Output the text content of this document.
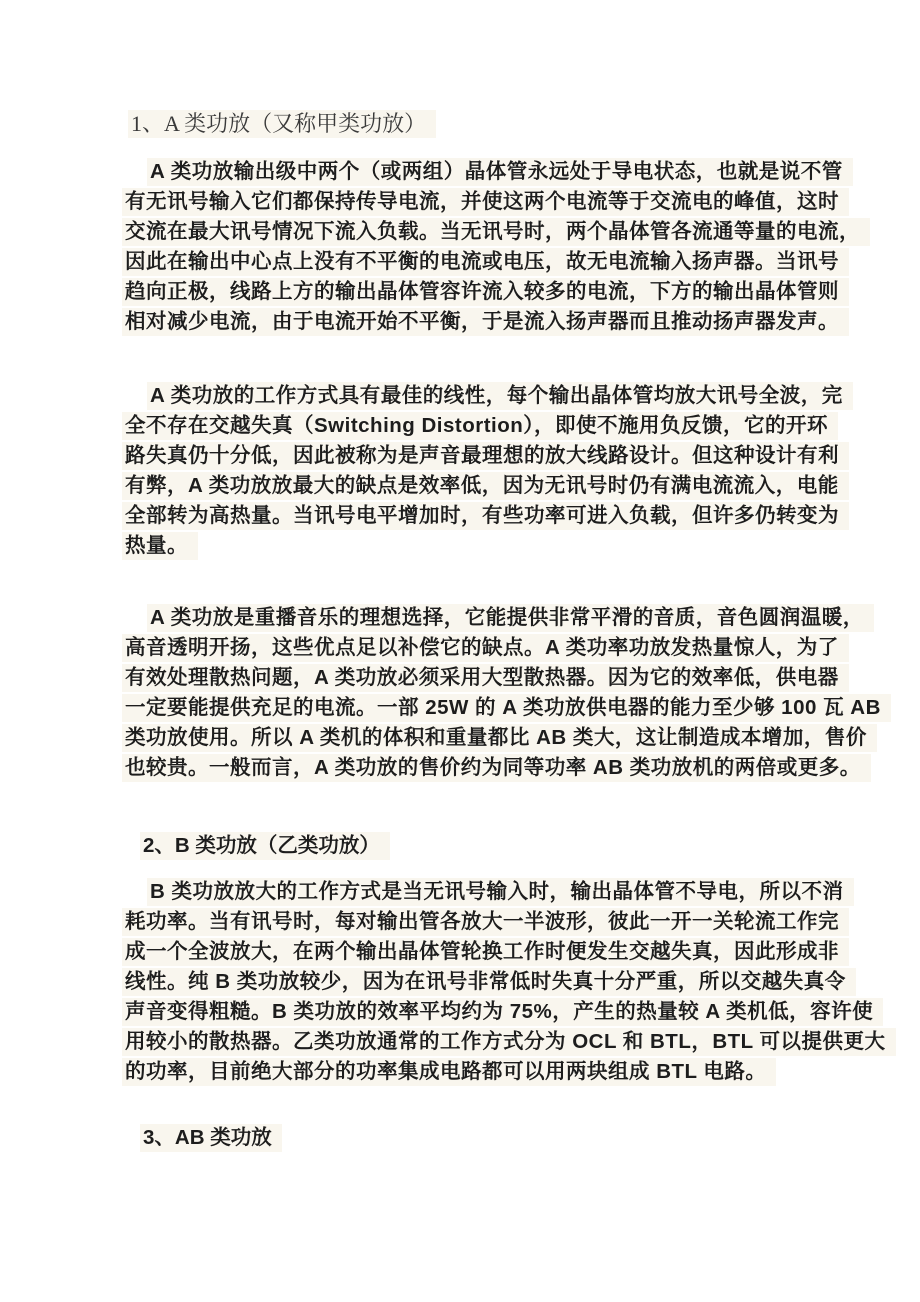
1、A 类功放（又称甲类功放）
A 类功放输出级中两个（或两组）晶体管永远处于导电状态，也就是说不管
有无讯号输入它们都保持传导电流，并使这两个电流等于交流电的峰值，这时
交流在最大讯号情况下流入负载。当无讯号时，两个晶体管各流通等量的电流，
因此在输出中心点上没有不平衡的电流或电压，故无电流输入扬声器。当讯号
趋向正极，线路上方的输出晶体管容许流入较多的电流，下方的输出晶体管则
相对减少电流，由于电流开始不平衡，于是流入扬声器而且推动扬声器发声。
A 类功放的工作方式具有最佳的线性，每个输出晶体管均放大讯号全波，完
全不存在交越失真（Switching Distortion），即使不施用负反馈，它的开环
路失真仍十分低，因此被称为是声音最理想的放大线路设计。但这种设计有利
有弊，A 类功放放最大的缺点是效率低，因为无讯号时仍有满电流流入，电能
全部转为高热量。当讯号电平增加时，有些功率可进入负载，但许多仍转变为
热量。
A 类功放是重播音乐的理想选择，它能提供非常平滑的音质，音色圆润温暖，
高音透明开扬，这些优点足以补偿它的缺点。A 类功率功放发热量惊人，为了
有效处理散热问题，A 类功放必须采用大型散热器。因为它的效率低，供电器
一定要能提供充足的电流。一部 25W 的 A 类功放供电器的能力至少够 100 瓦 AB
类功放使用。所以 A 类机的体积和重量都比 AB 类大，这让制造成本增加，售价
也较贵。一般而言，A 类功放的售价约为同等功率 AB 类功放机的两倍或更多。
2、B 类功放（乙类功放）
B 类功放放大的工作方式是当无讯号输入时，输出晶体管不导电，所以不消
耗功率。当有讯号时，每对输出管各放大一半波形，彼此一开一关轮流工作完
成一个全波放大，在两个输出晶体管轮换工作时便发生交越失真，因此形成非
线性。纯 B 类功放较少，因为在讯号非常低时失真十分严重，所以交越失真令
声音变得粗糙。B 类功放的效率平均约为 75%，产生的热量较 A 类机低，容许使
用较小的散热器。乙类功放通常的工作方式分为 OCL 和 BTL，BTL 可以提供更大
的功率，目前绝大部分的功率集成电路都可以用两块组成 BTL 电路。
3、AB 类功放
